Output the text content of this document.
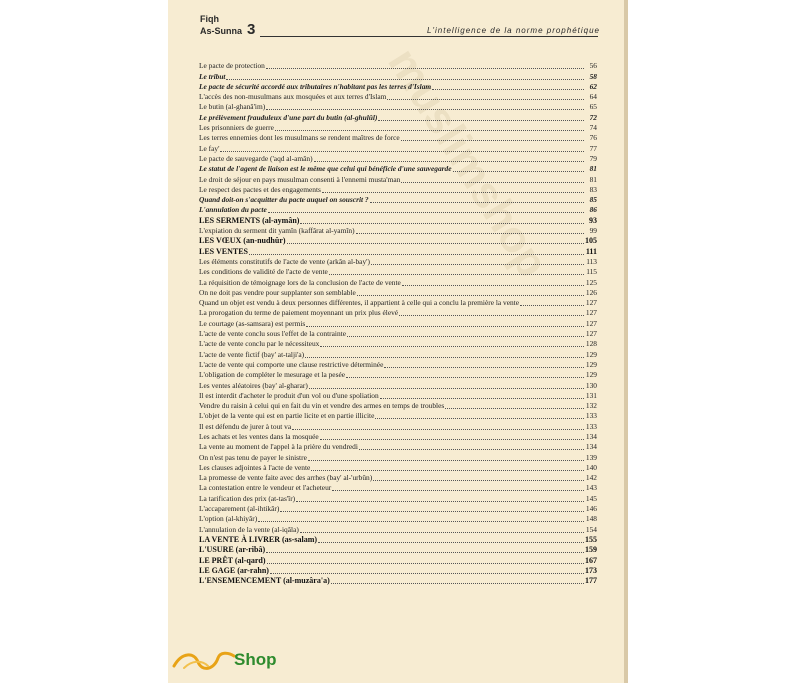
muslimshop
Fiqh
As-Sunna 3	L'intelligence de la norme prophétique
Le pacte de protection	56
Le tribut	58
Le pacte de sécurité accordé aux tributaires n'habitant pas les terres d'Islam	62
L'accès des non-musulmans aux mosquées et aux terres d'Islam	64
Le butin (al-ghanâ'im)	65
Le prélèvement frauduleux d'une part du butin (al-ghulûl)	72
Les prisonniers de guerre	74
Les terres ennemies dont les musulmans se rendent maîtres de force	76
Le fay'	77
Le pacte de sauvegarde ('aqd al-amân)	79
Le statut de l'agent de liaison est le même que celui qui bénéficie d'une sauvegarde	81
Le droit de séjour en pays musulman consenti à l'ennemi musta'man	81
Le respect des pactes et des engagements	83
Quand doit-on s'acquitter du pacte auquel on souscrit ?	85
L'annulation du pacte	86
LES SERMENTS (al-aymân)	93
L'expiation du serment dit yamîn (kaffârat al-yamîn)	99
LES VŒUX (an-nudhûr)	105
LES VENTES	111
Les éléments constitutifs de l'acte de vente (arkân al-bay')	113
Les conditions de validité de l'acte de vente	115
La réquisition de témoignage lors de la conclusion de l'acte de vente	125
On ne doit pas vendre pour supplanter son semblable	126
Quand un objet est vendu à deux personnes différentes, il appartient à celle qui a conclu la première la vente	127
La prorogation du terme de paiement moyennant un prix plus élevé	127
Le courtage (as-samsara) est permis	127
L'acte de vente conclu sous l'effet de la contrainte	127
L'acte de vente conclu par le nécessiteux	128
L'acte de vente fictif (bay' at-talji'a)	129
L'acte de vente qui comporte une clause restrictive déterminée	129
L'obligation de compléter le mesurage et la pesée	129
Les ventes aléatoires (bay' al-gharar)	130
Il est interdit d'acheter le produit d'un vol ou d'une spoliation	131
Vendre du raisin à celui qui en fait du vin et vendre des armes en temps de troubles	132
L'objet de la vente qui est en partie licite et en partie illicite	133
Il est défendu de jurer à tout va	133
Les achats et les ventes dans la mosquée	134
La vente au moment de l'appel à la prière du vendredi	134
On n'est pas tenu de payer le sinistre	139
Les clauses adjointes à l'acte de vente	140
La promesse de vente faite avec des arrhes (bay' al-'urbûn)	142
La contestation entre le vendeur et l'acheteur	143
La tarification des prix (at-tas'îr)	145
L'accaparement (al-ihtikâr)	146
L'option (al-khiyâr)	148
L'annulation de la vente (al-iqâla)	154
LA VENTE À LIVRER (as-salam)	155
L'USURE (ar-ribâ)	159
LE PRÊT (al-qard)	167
LE GAGE (ar-rahn)	173
L'ENSEMENCEMENT (al-muzâra'a)	177
Shop
